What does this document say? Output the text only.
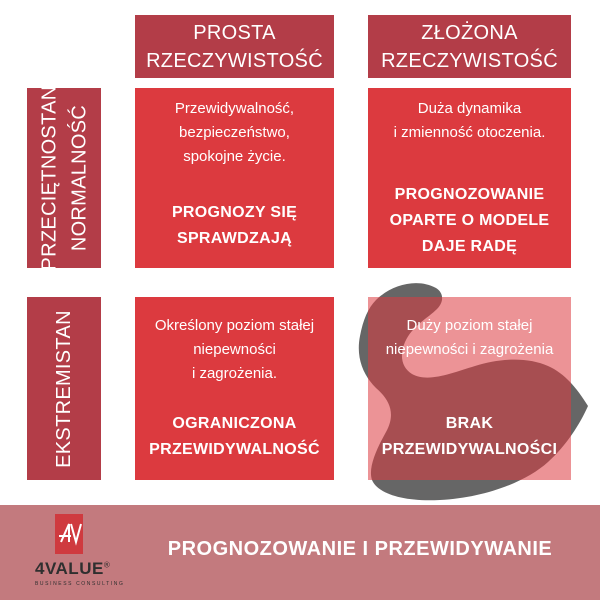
PROSTA
RZECZYWISTOŚĆ
ZŁOŻONA
RZECZYWISTOŚĆ
PRZECIĘTNOSTAN NORMALNOŚĆ
EKSTREMISTAN
Przewidywalność,
bezpieczeństwo,
spokojne życie.
PROGNOZY SIĘ
SPRAWDZAJĄ
Duża dynamika
i zmienność otoczenia.
PROGNOZOWANIE
OPARTE O MODELE
DAJE RADĘ
Określony poziom stałej
niepewności
i zagrożenia.
OGRANICZONA
PRZEWIDYWALNOŚĆ
Duży poziom stałej
niepewności i zagrożenia
BRAK
PRZEWIDYWALNOŚCI
PROGNOZOWANIE I PRZEWIDYWANIE
4VALUE®
BUSINESS CONSULTING
